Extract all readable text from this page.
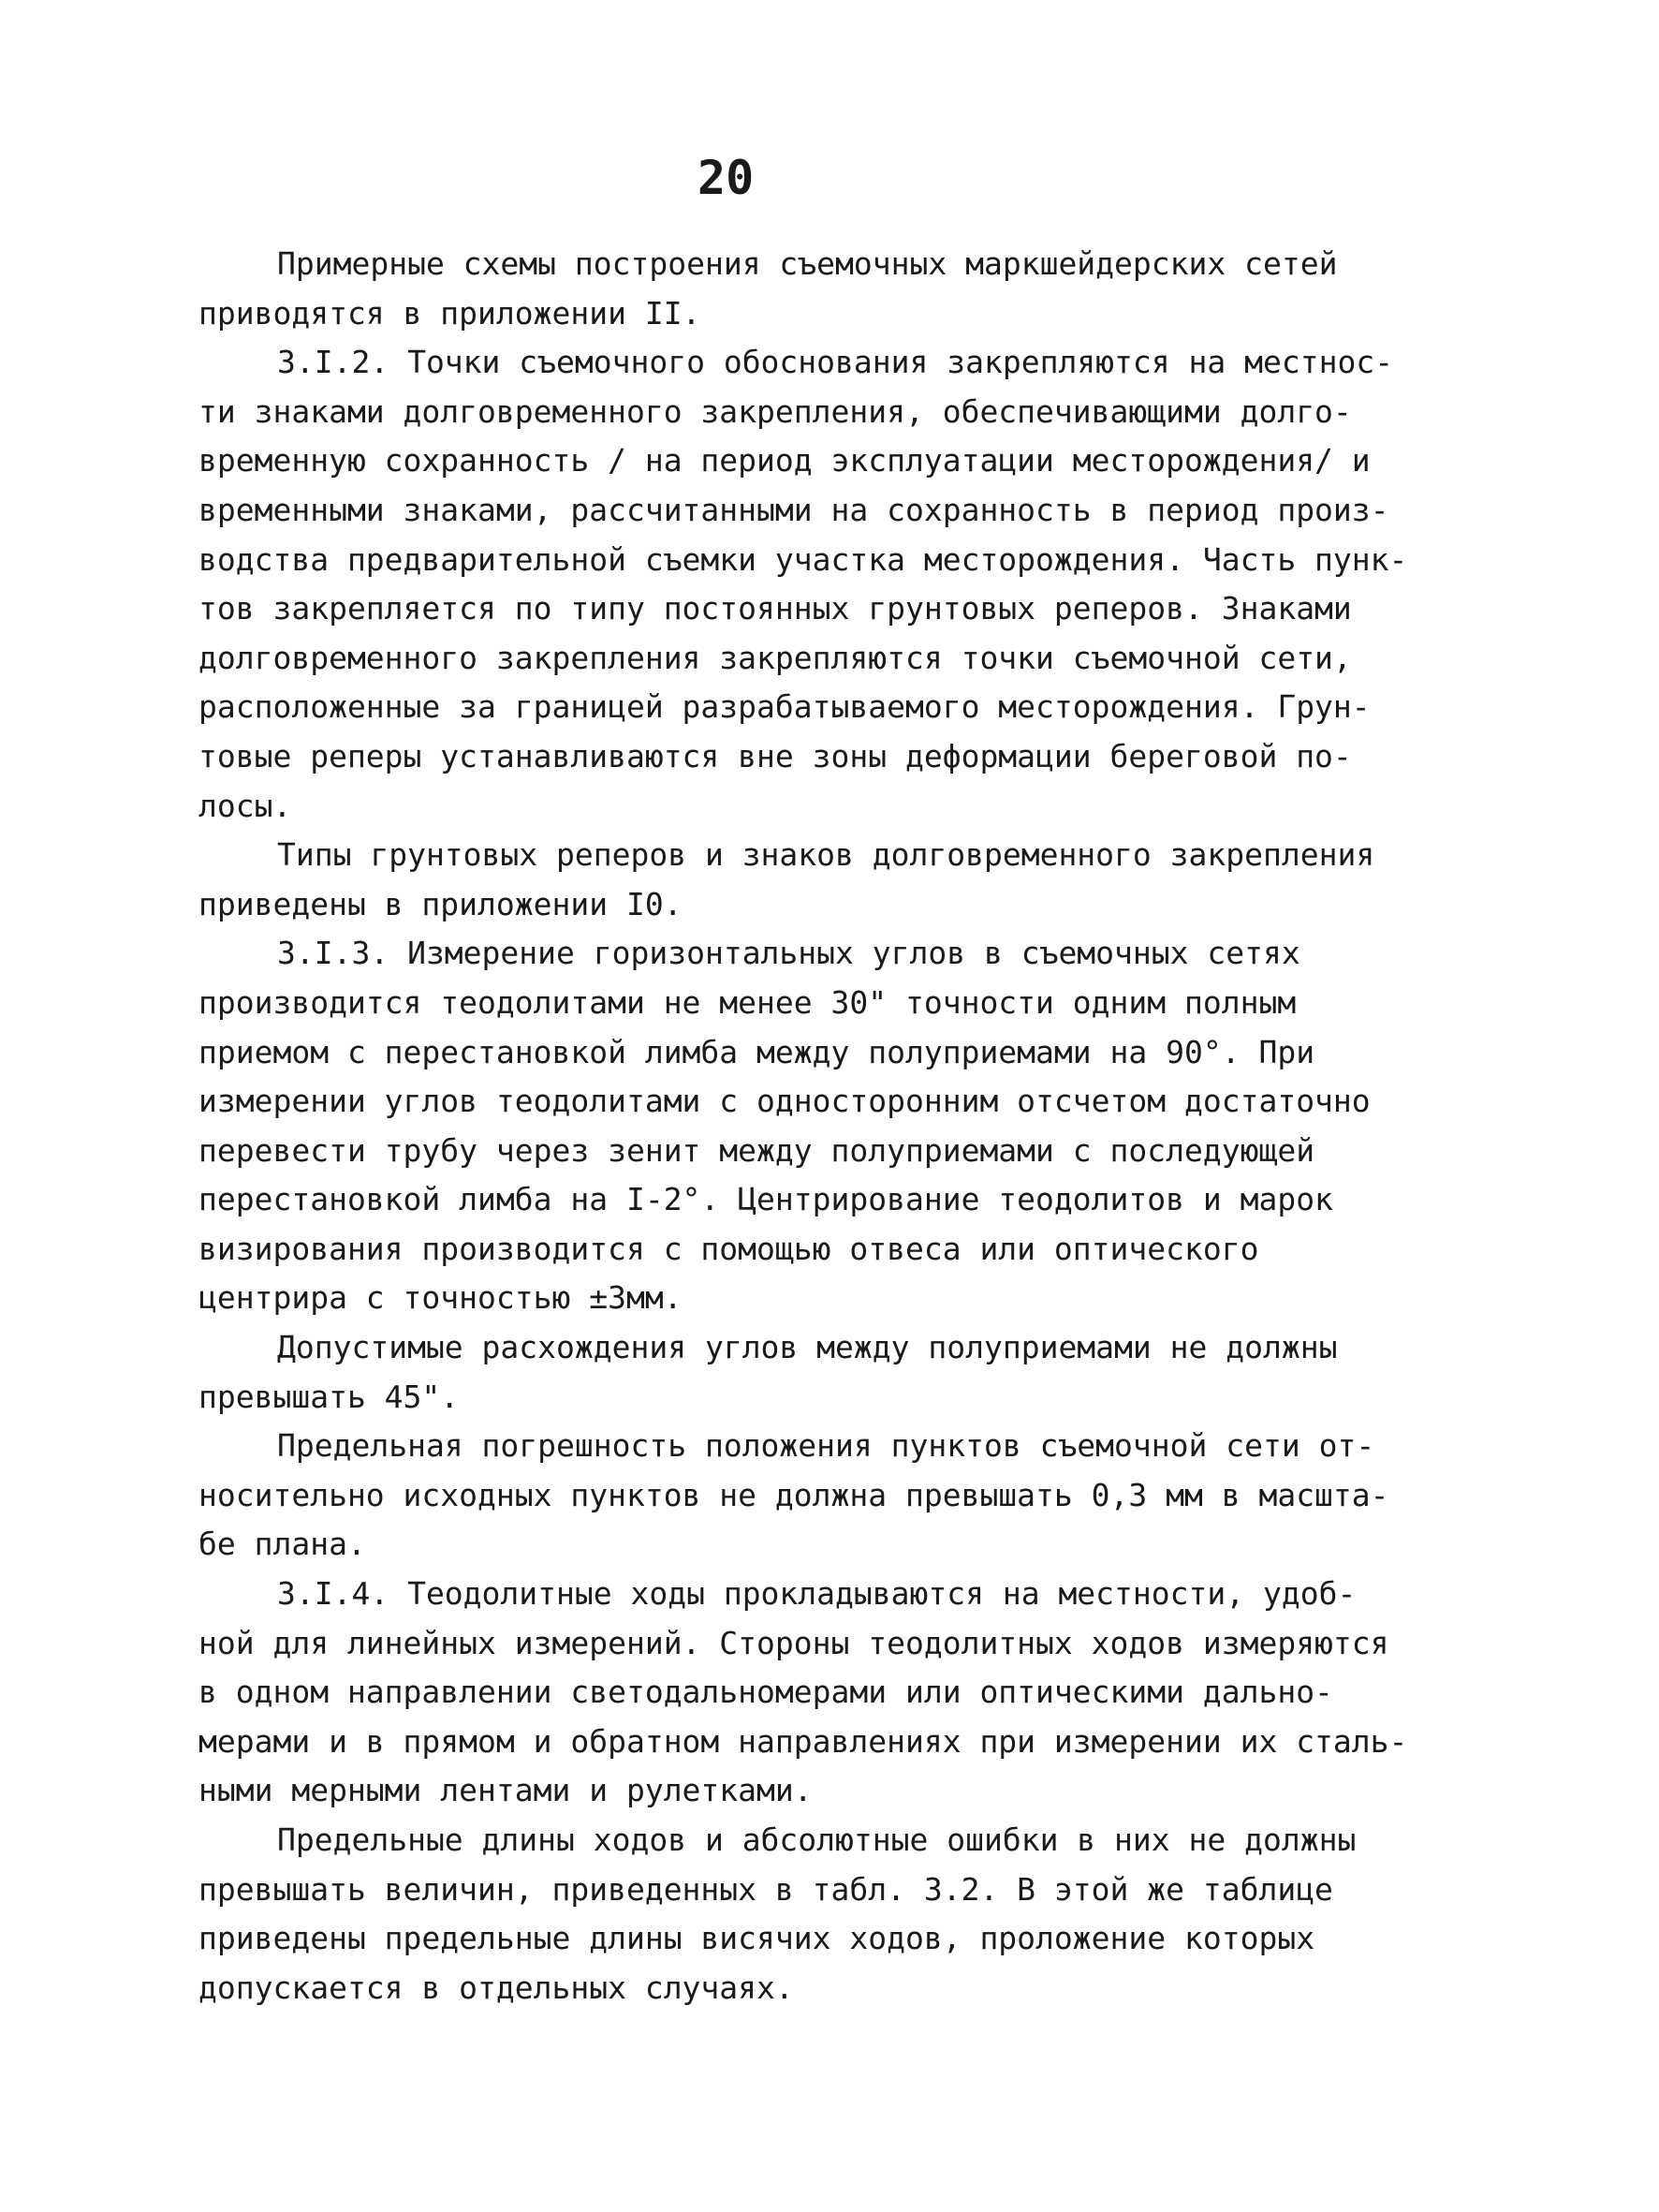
20
Примерные схемы построения съемочных маркшейдерских сетей
приводятся в приложении II.
3.I.2. Точки съемочного обоснования закрепляются на местнос-
ти знаками долговременного закрепления, обеспечивающими долго-
временную сохранность / на период эксплуатации месторождения/ и
временными знаками, рассчитанными на сохранность в период произ-
водства предварительной съемки участка месторождения. Часть пунк-
тов закрепляется по типу постоянных грунтовых реперов. Знаками
долговременного закрепления закрепляются точки съемочной сети,
расположенные за границей разрабатываемого месторождения. Грун-
товые реперы устанавливаются вне зоны деформации береговой по-
лосы.
Типы грунтовых реперов и знаков долговременного закрепления
приведены в приложении I0.
3.I.3. Измерение горизонтальных углов в съемочных сетях
производится теодолитами не менее 30" точности одним полным
приемом с перестановкой лимба между полуприемами на 90°. При
измерении углов теодолитами с односторонним отсчетом достаточно
перевести трубу через зенит между полуприемами с последующей
перестановкой лимба на I-2°. Центрирование теодолитов и марок
визирования производится с помощью отвеса или оптического
центрира с точностью ±3мм.
Допустимые расхождения углов между полуприемами не должны
превышать 45".
Предельная погрешность положения пунктов съемочной сети от-
носительно исходных пунктов не должна превышать 0,3 мм в масшта-
бе плана.
3.I.4. Теодолитные ходы прокладываются на местности, удоб-
ной для линейных измерений. Стороны теодолитных ходов измеряются
в одном направлении светодальномерами или оптическими дально-
мерами и в прямом и обратном направлениях при измерении их сталь-
ными мерными лентами и рулетками.
Предельные длины ходов и абсолютные ошибки в них не должны
превышать величин, приведенных в табл. 3.2. В этой же таблице
приведены предельные длины висячих ходов, проложение которых
допускается в отдельных случаях.
